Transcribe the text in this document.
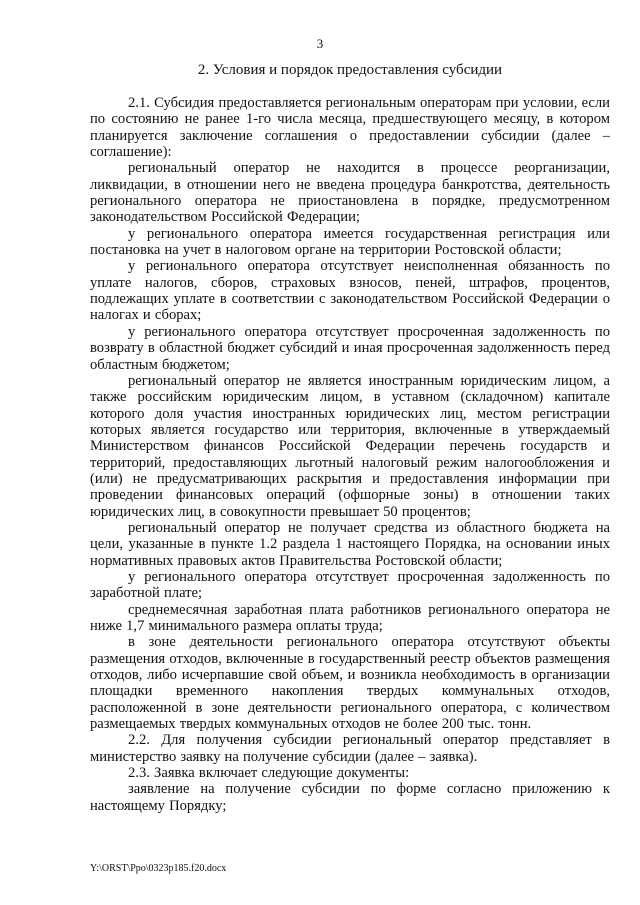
3
2. Условия и порядок предоставления субсидии

2.1. Субсидия предоставляется региональным операторам при условии, если по состоянию не ранее 1-го числа месяца, предшествующего месяцу, в котором планируется заключение соглашения о предоставлении субсидии (далее – соглашение):

региональный оператор не находится в процессе реорганизации, ликвидации, в отношении него не введена процедура банкротства, деятельность регионального оператора не приостановлена в порядке, предусмотренном законодательством Российской Федерации;

у регионального оператора имеется государственная регистрация или постановка на учет в налоговом органе на территории Ростовской области;

у регионального оператора отсутствует неисполненная обязанность по уплате налогов, сборов, страховых взносов, пеней, штрафов, процентов, подлежащих уплате в соответствии с законодательством Российской Федерации о налогах и сборах;

у регионального оператора отсутствует просроченная задолженность по возврату в областной бюджет субсидий и иная просроченная задолженность перед областным бюджетом;

региональный оператор не является иностранным юридическим лицом, а также российским юридическим лицом, в уставном (складочном) капитале которого доля участия иностранных юридических лиц, местом регистрации которых является государство или территория, включенные в утверждаемый Министерством финансов Российской Федерации перечень государств и территорий, предоставляющих льготный налоговый режим налогообложения и (или) не предусматривающих раскрытия и предоставления информации при проведении финансовых операций (офшорные зоны) в отношении таких юридических лиц, в совокупности превышает 50 процентов;

региональный оператор не получает средства из областного бюджета на цели, указанные в пункте 1.2 раздела 1 настоящего Порядка, на основании иных нормативных правовых актов Правительства Ростовской области;

у регионального оператора отсутствует просроченная задолженность по заработной плате;

среднемесячная заработная плата работников регионального оператора не ниже 1,7 минимального размера оплаты труда;

в зоне деятельности регионального оператора отсутствуют объекты размещения отходов, включенные в государственный реестр объектов размещения отходов, либо исчерпавшие свой объем, и возникла необходимость в организации площадки временного накопления твердых коммунальных отходов, расположенной в зоне деятельности регионального оператора, с количеством размещаемых твердых коммунальных отходов не более 200 тыс. тонн.

2.2. Для получения субсидии региональный оператор представляет в министерство заявку на получение субсидии (далее – заявка).

2.3. Заявка включает следующие документы:

заявление на получение субсидии по форме согласно приложению к настоящему Порядку;

Y:\ORST\Ppo\0323p185.f20.docx
